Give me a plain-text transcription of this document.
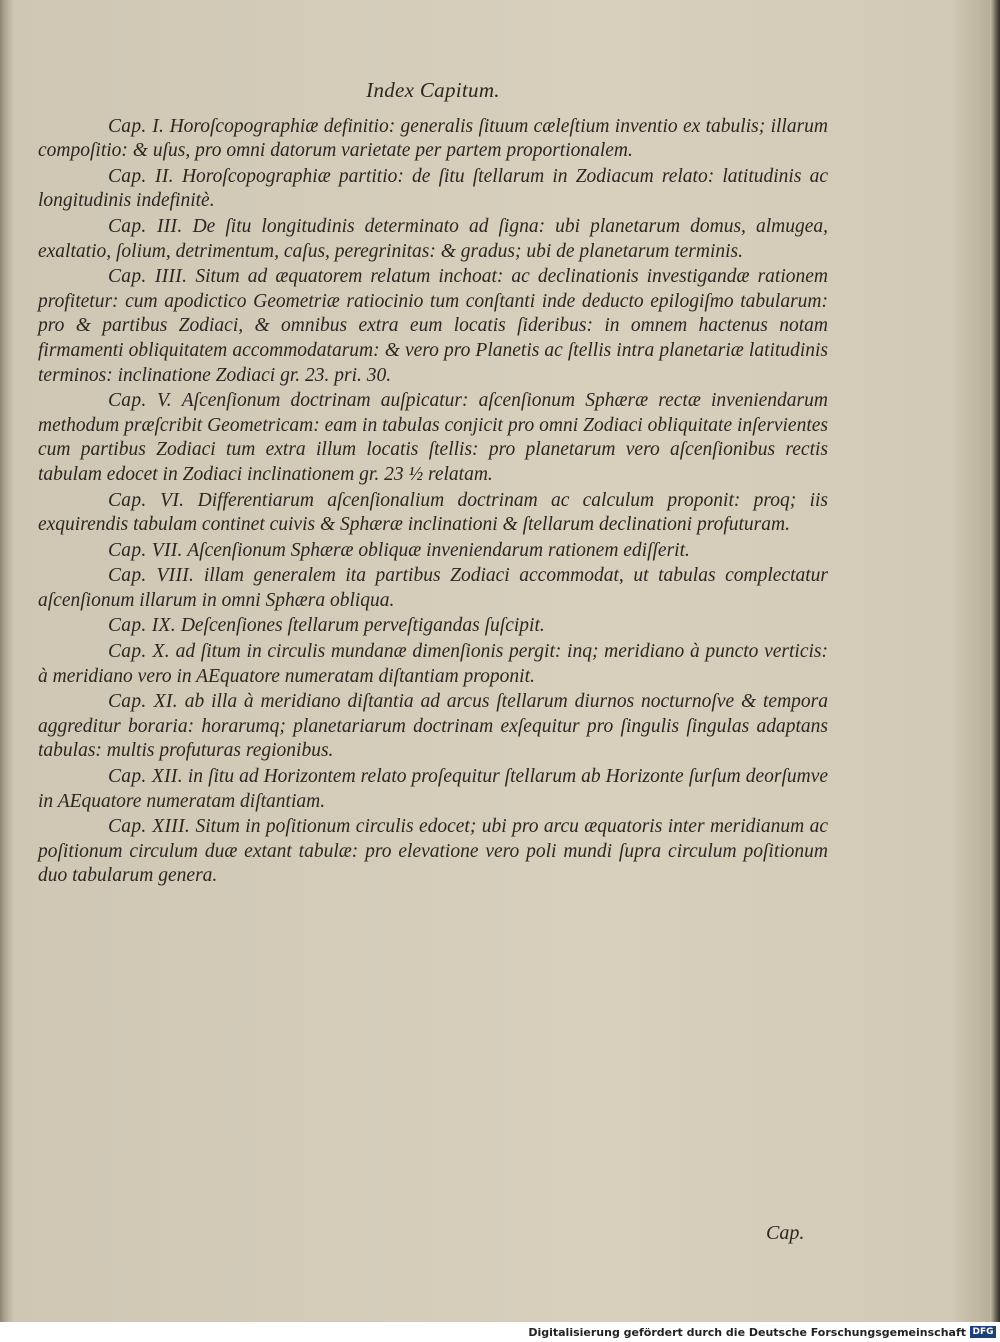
Index Capitum.

Cap. I. Horoſcopographiæ definitio: generalis ſituum cæleſtium inventio ex tabulis; illarum compoſitio: & uſus, pro omni datorum varietate per partem proportionalem.

Cap. II. Horoſcopographiæ partitio: de ſitu ſtellarum in Zodiacum relato: latitudinis ac longitudinis indefinitè.

Cap. III. De ſitu longitudinis determinato ad ſigna: ubi planetarum domus, almugea, exaltatio, ſolium, detrimentum, caſus, peregrinitas: & gradus; ubi de planetarum terminis.

Cap. IIII. Situm ad æquatorem relatum inchoat: ac declinationis investigandæ rationem profitetur: cum apodictico Geometriæ ratiocinio tum conſtanti inde deducto epilogiſmo tabularum: pro & partibus Zodiaci, & omnibus extra eum locatis ſideribus: in omnem hactenus notam firmamenti obliquitatem accommodatarum: & vero pro Planetis ac ſtellis intra planetariæ latitudinis terminos: inclinatione Zodiaci gr. 23. pri. 30.

Cap. V. Aſcenſionum doctrinam auſpicatur: aſcenſionum Sphæræ rectæ inveniendarum methodum præſcribit Geometricam: eam in tabulas conjicit pro omni Zodiaci obliquitate inſervientes cum partibus Zodiaci tum extra illum locatis ſtellis: pro planetarum vero aſcenſionibus rectis tabulam edocet in Zodiaci inclinationem gr. 23 ½ relatam.

Cap. VI. Differentiarum aſcenſionalium doctrinam ac calculum proponit: proq; iis exquirendis tabulam continet cuivis & Sphæræ inclinationi & ſtellarum declinationi profuturam.

Cap. VII. Aſcenſionum Sphæræ obliquæ inveniendarum rationem ediſſerit.

Cap. VIII. illam generalem ita partibus Zodiaci accommodat, ut tabulas complectatur aſcenſionum illarum in omni Sphæra obliqua.

Cap. IX. Deſcenſiones ſtellarum perveſtigandas ſuſcipit.

Cap. X. ad ſitum in circulis mundanæ dimenſionis pergit: inq; meridiano à puncto verticis: à meridiano vero in AEquatore numeratam diſtantiam proponit.

Cap. XI. ab illa à meridiano diſtantia ad arcus ſtellarum diurnos nocturnoſve & tempora aggreditur boraria: horarumq; planetariarum doctrinam exſequitur pro ſingulis ſingulas adaptans tabulas: multis profuturas regionibus.

Cap. XII. in ſitu ad Horizontem relato proſequitur ſtellarum ab Horizonte ſurſum deorſumve in AEquatore numeratam diſtantiam.

Cap. XIII. Situm in poſitionum circulis edocet; ubi pro arcu æquatoris inter meridianum ac poſitionum circulum duæ extant tabulæ: pro elevatione vero poli mundi ſupra circulum poſitionum duo tabularum genera.

Cap.
Digitalisierung gefördert durch die Deutsche Forschungsgemeinschaft DFG
